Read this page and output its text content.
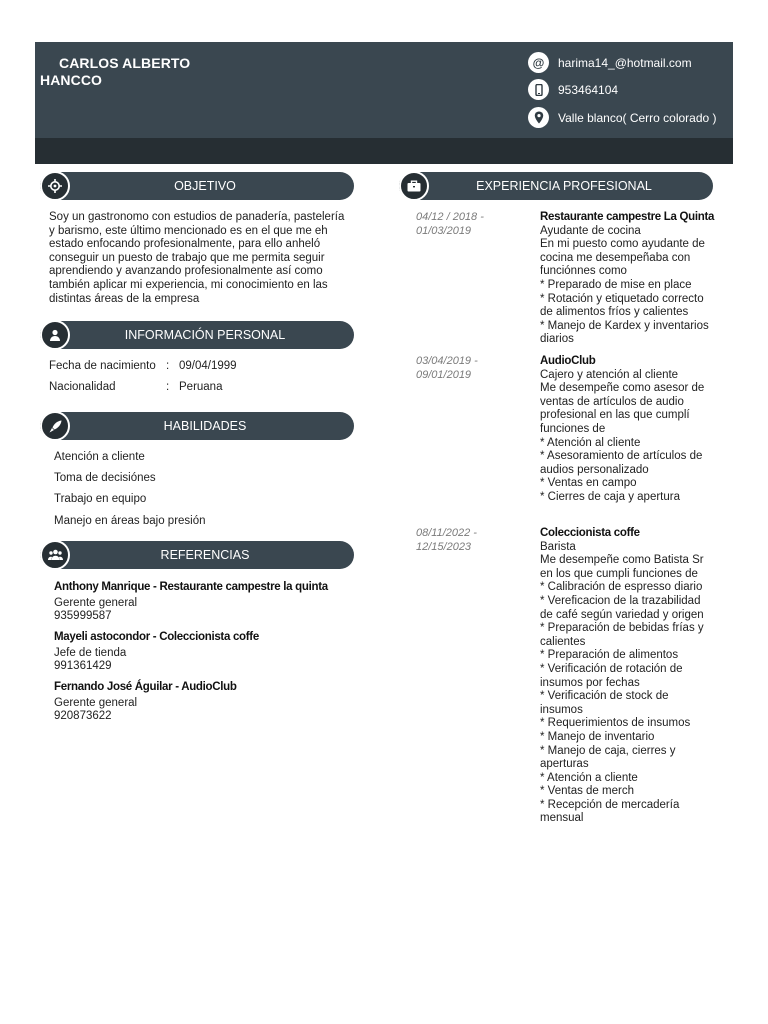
CARLOS ALBERTO
HANCCO
@	harima14_@hotmail.com
953464104
Valle blanco( Cerro colorado )
OBJETIVO
Soy un gastronomo con estudios de panadería, pastelería
y barismo, este último mencionado es en el que me eh
estado enfocando profesionalmente, para ello anheló
conseguir un puesto de trabajo que me permita seguir
aprendiendo y avanzando profesionalmente así como
también aplicar mi experiencia, mi conocimiento en las
distintas áreas de la empresa
INFORMACIÓN PERSONAL
Fecha de nacimiento : 09/04/1999
Nacionalidad	: Peruana
HABILIDADES
Atención a cliente
Toma de decisiónes
Trabajo en equipo
Manejo en áreas bajo presión
REFERENCIAS
Anthony Manrique - Restaurante campestre la quinta
Gerente general
935999587
Mayeli astocondor - Coleccionista coffe
Jefe de tienda
991361429
Fernando José Águilar - AudioClub
Gerente general
920873622
EXPERIENCIA PROFESIONAL
04/12 / 2018 -
01/03/2019

Restaurante campestre La Quinta

Ayudante de cocina

En mi puesto como ayudante de

cocina me desempeñaba con

funciónnes como

* Preparado de mise en place

* Rotación y etiquetado correcto

de alimentos fríos y calientes

* Manejo de Kardex y inventarios

diarios

03/04/2019 -
09/01/2019

AudioClub

Cajero y atención al cliente

Me desempeñe como asesor de

ventas de artículos de audio

profesional en las que cumplí

funciones de

* Atención al cliente

* Asesoramiento de artículos de

audios personalizado

* Ventas en campo

* Cierres de caja y apertura

08/11/2022 -
12/15/2023

Coleccionista coffe

Barista

Me desempeñe como Batista Sr

en los que cumpli funciones de

* Calibración de espresso diario

* Vereficacion de la trazabilidad

de café según variedad y origen

* Preparación de bebidas frías y

calientes

* Preparación de alimentos

* Verificación de rotación de

insumos por fechas

* Verificación de stock de

insumos

* Requerimientos de insumos

* Manejo de inventario

* Manejo de caja, cierres y

aperturas

* Atención a cliente

* Ventas de merch

* Recepción de mercadería

mensual
